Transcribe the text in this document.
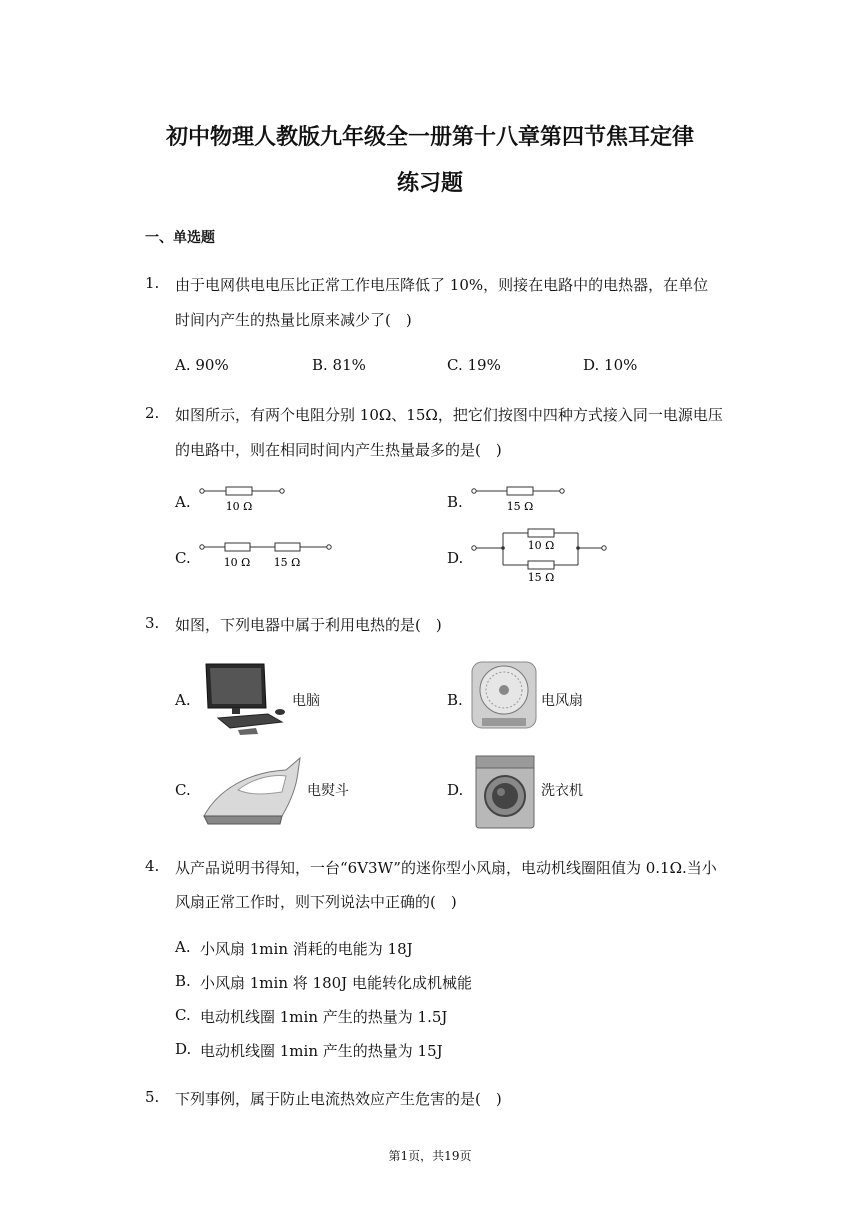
初中物理人教版九年级全一册第十八章第四节焦耳定律
练习题
一、单选题
1. 由于电网供电电压比正常工作电压降低了 10%，则接在电路中的电热器，在单位
时间内产生的热量比原来减少了(　)
A. 90%	B. 81%	C. 19%	D. 10%
2. 如图所示，有两个电阻分别 10Ω、15Ω，把它们按图中四种方式接入同一电源电压
的电路中，则在相同时间内产生热量最多的是(　)
A.	10 Ω	B.	15 Ω
C.	10 Ω 15 Ω	D.
10 Ω
15 Ω
3. 如图，下列电器中属于利用电热的是(　)
A.	电脑	B.	电风扇
C.	电熨斗	D.	洗衣机
4. 从产品说明书得知，一台“6V3W”的迷你型小风扇，电动机线圈阻值为 0.1Ω.当小
风扇正常工作时，则下列说法中正确的(　)
A. 小风扇 1min 消耗的电能为 18J
B. 小风扇 1min 将 180J 电能转化成机械能
C. 电动机线圈 1min 产生的热量为 1.5J
D. 电动机线圈 1min 产生的热量为 15J
5. 下列事例，属于防止电流热效应产生危害的是(　)
第1页，共19页
